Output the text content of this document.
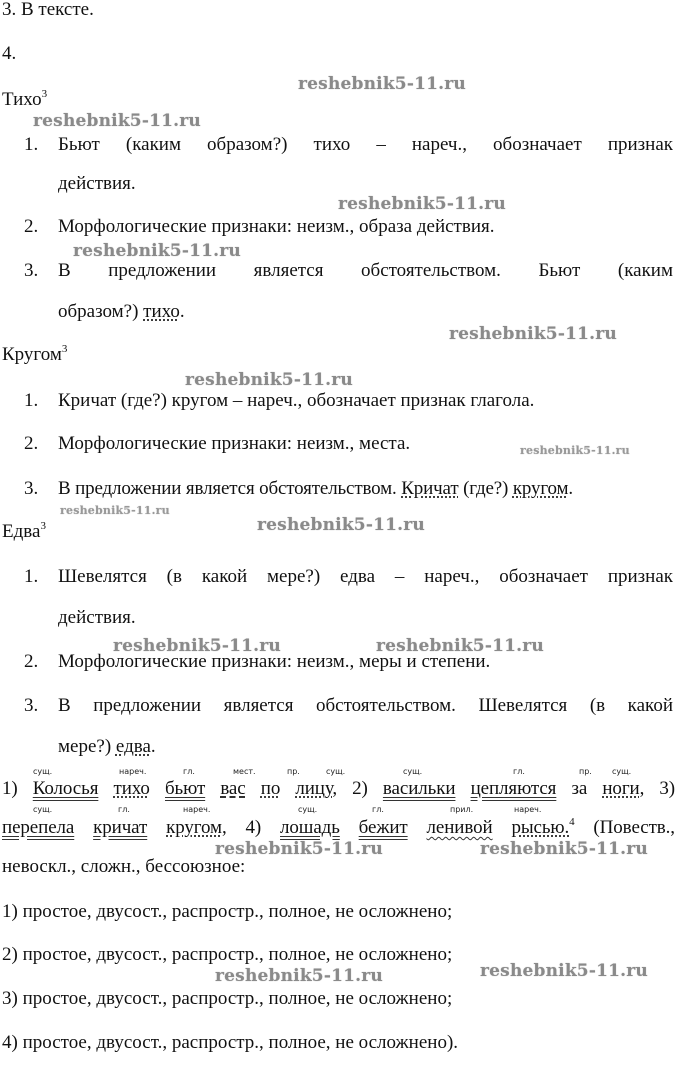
3. В тексте.
4.
Тихо$^3$
1. Бьют (каким образом?) тихо – нареч., обозначает признак
действия.
2. Морфологические признаки: неизм., образа действия.
3. В предложении является обстоятельством. Бьют (каким
образом?) тихо.
Кругом$^3$
1. Кричат (где?) кругом – нареч., обозначает признак глагола.
2. Морфологические признаки: неизм., места.
3. В предложении является обстоятельством. Кричат (где?) кругом.
Едва$^3$
1. Шевелятся (в какой мере?) едва – нареч., обозначает признак
действия.
2. Морфологические признаки: неизм., меры и степени.
3. В предложении является обстоятельством. Шевелятся (в какой
мере?) едва.
сущ.	нареч.	гл.	мест.	пр.	сущ.	сущ.	гл.	пр.	сущ.
1) Колосья тихо бьют вас по лицу, 2) васильки цепляются за ноги, 3)
сущ.	гл.	нареч.	сущ.	гл.	прил.	нареч.
перепела кричат кругом, 4) лошадь бежит ленивой рысью.$^4$ (Повеств.,
невоскл., сложн., бессоюзное:
1) простое, двусост., распростр., полное, не осложнено;
2) простое, двусост., распростр., полное, не осложнено;
3) простое, двусост., распростр., полное, не осложнено;
4) простое, двусост., распростр., полное, не осложнено).
reshebnik5-11.ru
reshebnik5-11.ru
reshebnik5-11.ru
reshebnik5-11.ru
reshebnik5-11.ru
reshebnik5-11.ru
reshebnik5-11.ru
reshebnik5-11.ru
reshebnik5-11.ru
reshebnik5-11.ru	reshebnik5-11.ru
reshebnik5-11.ru	reshebnik5-11.ru
reshebnik5-11.ru	reshebnik5-11.ru
